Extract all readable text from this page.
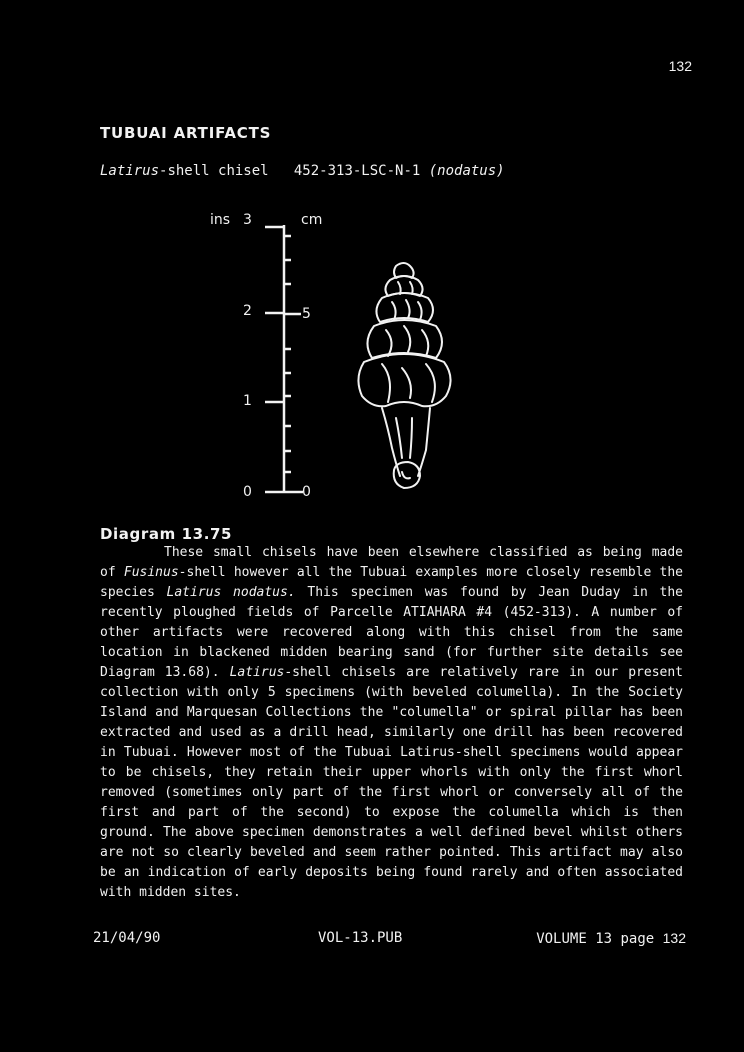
132
TUBUAI ARTIFACTS
Latirus-shell chisel   452-313-LSC-N-1 (nodatus)
ins 3	cm
2	5
1
0	0
Diagram 13.75
These small chisels have been elsewhere classified as being made of Fusinus-shell however all the Tubuai examples more closely resemble the species Latirus nodatus. This specimen was found by Jean Duday in the recently ploughed fields of Parcelle ATIAHARA #4 (452-313). A number of other artifacts were recovered along with this chisel from the same location in blackened midden bearing sand (for further site details see Diagram 13.68). Latirus-shell chisels are relatively rare in our present collection with only 5 specimens (with beveled columella). In the Society Island and Marquesan Collections the "columella" or spiral pillar has been extracted and used as a drill head, similarly one drill has been recovered in Tubuai. However most of the Tubuai Latirus-shell specimens would appear to be chisels, they retain their upper whorls with only the first whorl removed (sometimes only part of the first whorl or conversely all of the first and part of the second) to expose the columella which is then ground. The above specimen demonstrates a well defined bevel whilst others are not so clearly beveled and seem rather pointed. This artifact may also be an indication of early deposits being found rarely and often associated with midden sites.
21/04/90	VOL-13.PUB	VOLUME 13 page 132
